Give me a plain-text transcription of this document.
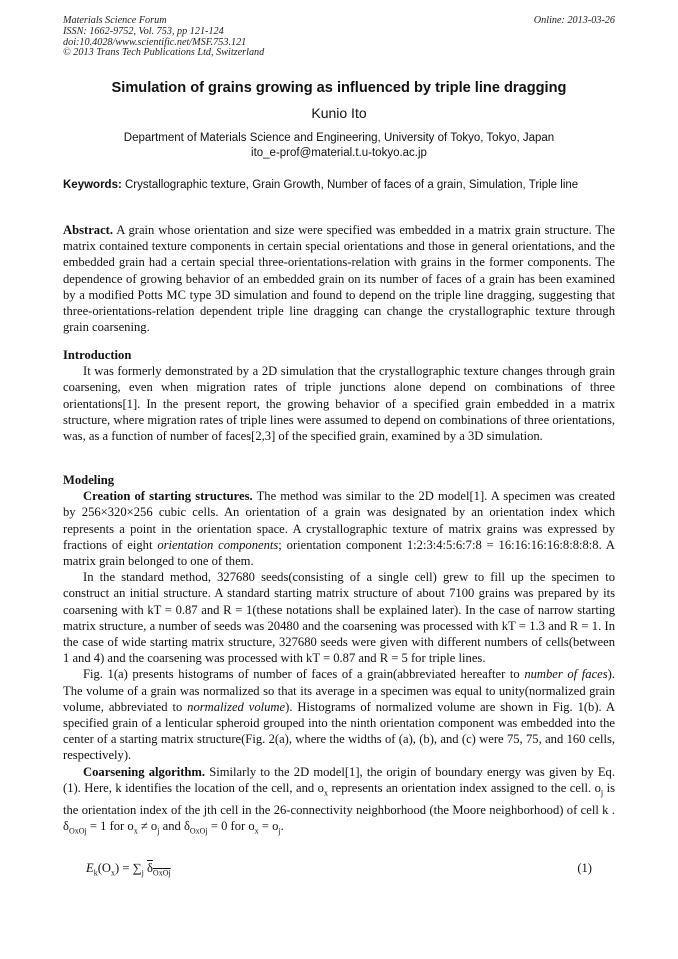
Materials Science Forum
ISSN: 1662-9752, Vol. 753, pp 121-124
doi:10.4028/www.scientific.net/MSF.753.121
© 2013 Trans Tech Publications Ltd, Switzerland
Online: 2013-03-26
Simulation of grains growing as influenced by triple line dragging
Kunio Ito
Department of Materials Science and Engineering, University of Tokyo, Tokyo, Japan
ito_e-prof@material.t.u-tokyo.ac.jp
Keywords: Crystallographic texture, Grain Growth, Number of faces of a grain, Simulation, Triple line

Abstract. A grain whose orientation and size were specified was embedded in a matrix grain structure. The matrix contained texture components in certain special orientations and those in general orientations, and the embedded grain had a certain special three-orientations-relation with grains in the former components. The dependence of growing behavior of an embedded grain on its number of faces of a grain has been examined by a modified Potts MC type 3D simulation and found to depend on the triple line dragging, suggesting that three-orientations-relation dependent triple line dragging can change the crystallographic texture through grain coarsening.

Introduction

It was formerly demonstrated by a 2D simulation that the crystallographic texture changes through grain coarsening, even when migration rates of triple junctions alone depend on combinations of three orientations[1]. In the present report, the growing behavior of a specified grain embedded in a matrix structure, where migration rates of triple lines were assumed to depend on combinations of three orientations, was, as a function of number of faces[2,3] of the specified grain, examined by a 3D simulation.

Modeling

Creation of starting structures. The method was similar to the 2D model[1]. A specimen was created by 256×320×256 cubic cells. An orientation of a grain was designated by an orientation index which represents a point in the orientation space. A crystallographic texture of matrix grains was expressed by fractions of eight orientation components; orientation component 1:2:3:4:5:6:7:8 = 16:16:16:16:8:8:8:8. A matrix grain belonged to one of them.

In the standard method, 327680 seeds(consisting of a single cell) grew to fill up the specimen to construct an initial structure. A standard starting matrix structure of about 7100 grains was prepared by its coarsening with kT = 0.87 and R = 1(these notations shall be explained later). In the case of narrow starting matrix structure, a number of seeds was 20480 and the coarsening was processed with kT = 1.3 and R = 1. In the case of wide starting matrix structure, 327680 seeds were given with different numbers of cells(between 1 and 4) and the coarsening was processed with kT = 0.87 and R = 5 for triple lines.

Fig. 1(a) presents histograms of number of faces of a grain(abbreviated hereafter to number of faces). The volume of a grain was normalized so that its average in a specimen was equal to unity(normalized grain volume, abbreviated to normalized volume). Histograms of normalized volume are shown in Fig. 1(b). A specified grain of a lenticular spheroid grouped into the ninth orientation component was embedded into the center of a starting matrix structure(Fig. 2(a), where the widths of (a), (b), and (c) were 75, 75, and 160 cells, respectively).

Coarsening algorithm. Similarly to the 2D model[1], the origin of boundary energy was given by Eq.(1). Here, k identifies the location of the cell, and $o_x$ represents an orientation index assigned to the cell. $o_j$ is the orientation index of the jth cell in the 26-connectivity neighborhood (the Moore neighborhood) of cell k . $\delta_{OxOj} = 1$ for $o_x \ne o_j$ and $\delta_{OxOj} = 0$ for $o_x = o_j$.

$E_k(O_x) = \sum_j$ $\delta_{OxOj}$	(1)
